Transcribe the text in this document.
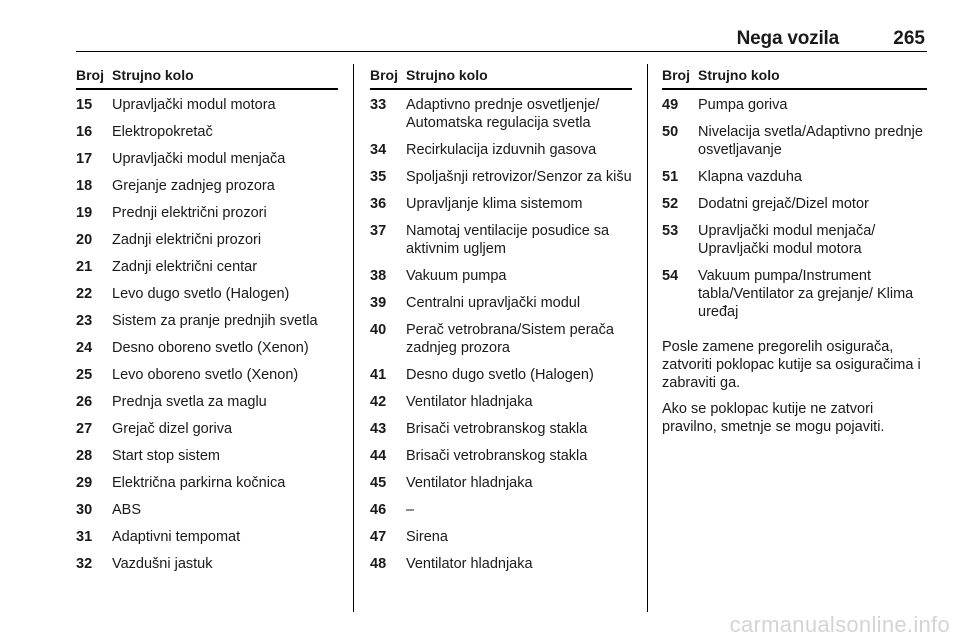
Nega vozila	265
Broj Strujno kolo
15	Upravljački modul motora
16	Elektropokretač
17	Upravljački modul menjača
18	Grejanje zadnjeg prozora
19	Prednji električni prozori
20	Zadnji električni prozori
21	Zadnji električni centar
22	Levo dugo svetlo (Halogen)
23	Sistem za pranje prednjih svetla
24	Desno oboreno svetlo (Xenon)
25	Levo oboreno svetlo (Xenon)
26	Prednja svetla za maglu
27	Grejač dizel goriva
28	Start stop sistem
29	Električna parkirna kočnica
30	ABS
31	Adaptivni tempomat
32	Vazdušni jastuk
Broj Strujno kolo
33	Adaptivno prednje osvetljenje/ Automatska regulacija svetla
34	Recirkulacija izduvnih gasova
35	Spoljašnji retrovizor/Senzor za kišu
36	Upravljanje klima sistemom
37	Namotaj ventilacije posudice sa aktivnim ugljem
38	Vakuum pumpa
39	Centralni upravljački modul
40	Perač vetrobrana/Sistem perača zadnjeg prozora
41	Desno dugo svetlo (Halogen)
42	Ventilator hladnjaka
43	Brisači vetrobranskog stakla
44	Brisači vetrobranskog stakla
45	Ventilator hladnjaka
46	–
47	Sirena
48	Ventilator hladnjaka
Broj Strujno kolo
49	Pumpa goriva
50	Nivelacija svetla/Adaptivno prednje osvetljavanje
51	Klapna vazduha
52	Dodatni grejač/Dizel motor
53	Upravljački modul menjača/ Upravljački modul motora
54	Vakuum pumpa/Instrument tabla/Ventilator za grejanje/ Klima uređaj

Posle zamene pregorelih osigurača, zatvoriti poklopac kutije sa osiguračima i zabraviti ga.

Ako se poklopac kutije ne zatvori pravilno, smetnje se mogu pojaviti.

carmanualsonline.info
